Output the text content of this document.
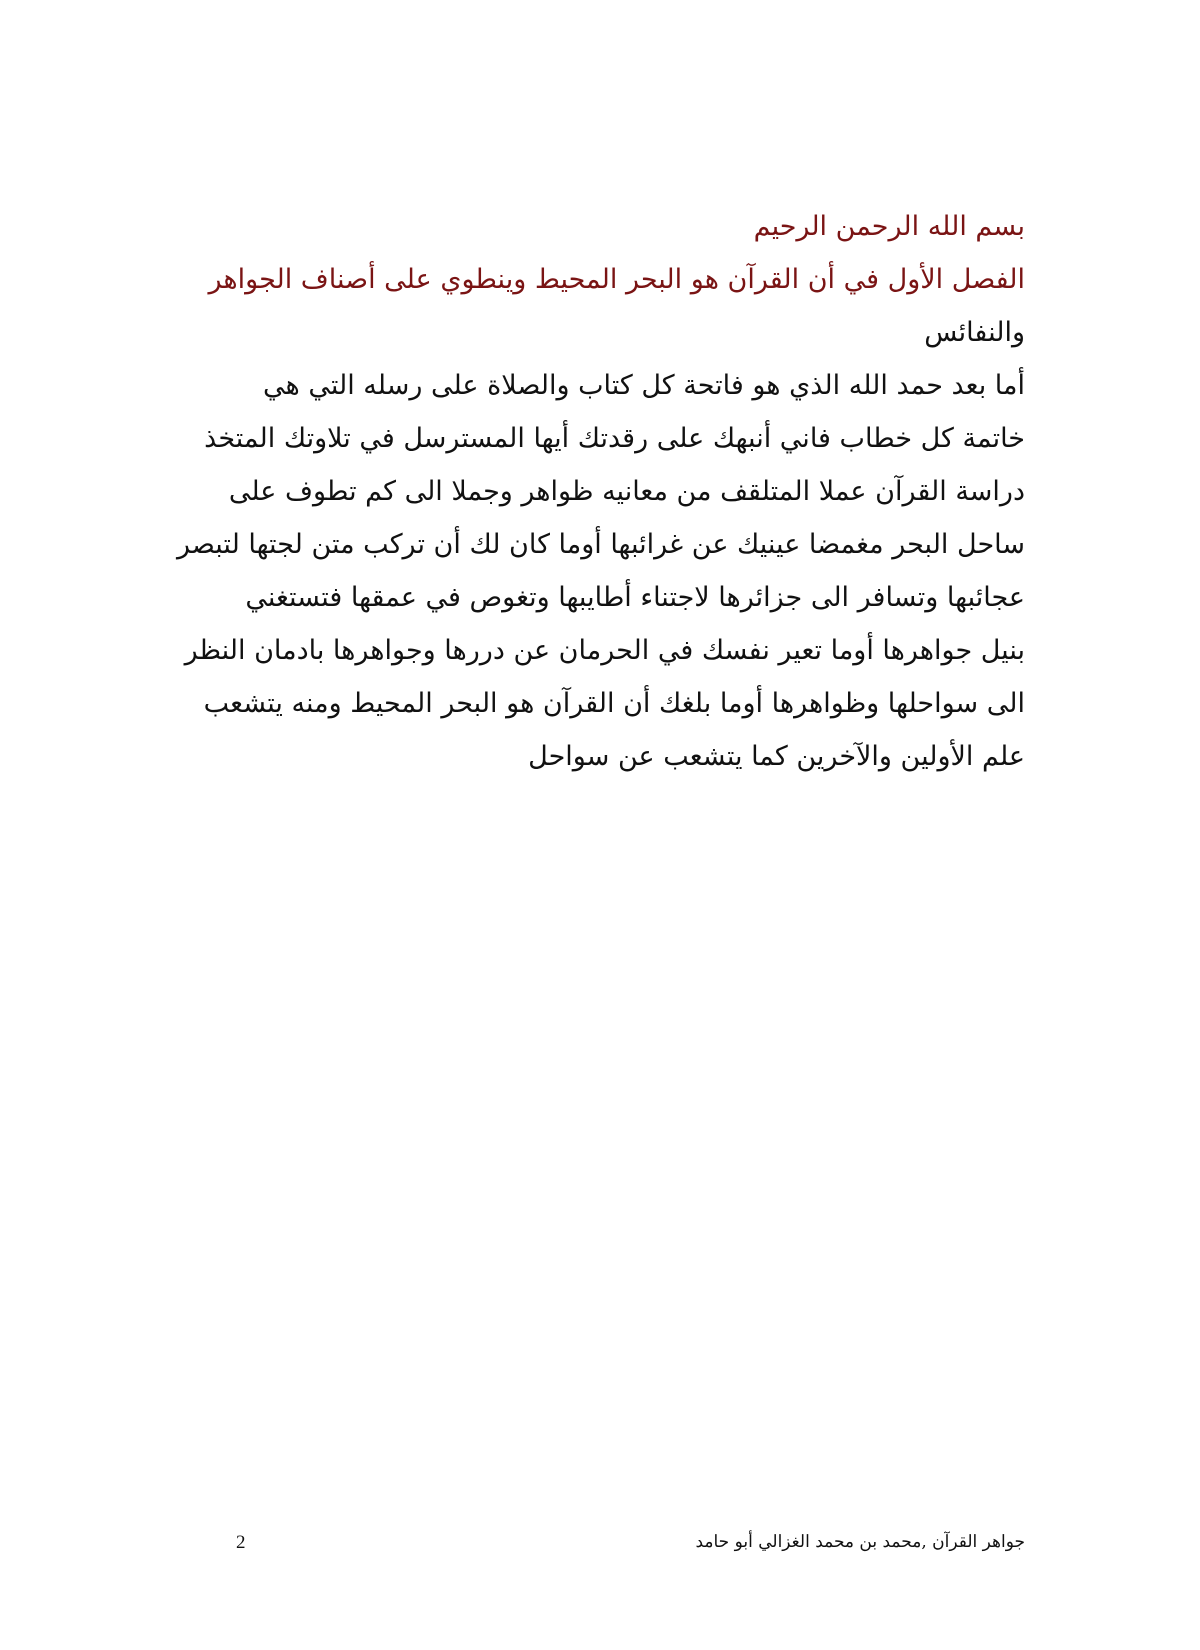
بسم الله الرحمن الرحيم
الفصل الأول في أن القرآن هو البحر المحيط وينطوي على أصناف الجواهر
والنفائس
أما بعد حمد الله الذي هو فاتحة كل كتاب والصلاة على رسله التي هي
خاتمة كل خطاب فاني أنبهك على رقدتك أيها المسترسل في تلاوتك المتخذ
دراسة القرآن عملا المتلقف من معانيه ظواهر وجملا الى كم تطوف على
ساحل البحر مغمضا عينيك عن غرائبها أوما كان لك أن تركب متن لجتها لتبصر
عجائبها وتسافر الى جزائرها لاجتناء أطايبها وتغوص في عمقها فتستغني
بنيل جواهرها أوما تعير نفسك في الحرمان عن دررها وجواهرها بادمان النظر
الى سواحلها وظواهرها أوما بلغك أن القرآن هو البحر المحيط ومنه يتشعب
علم الأولين والآخرين كما يتشعب عن سواحل
جواهر القرآن ,محمد بن محمد الغزالي أبو حامد
2
